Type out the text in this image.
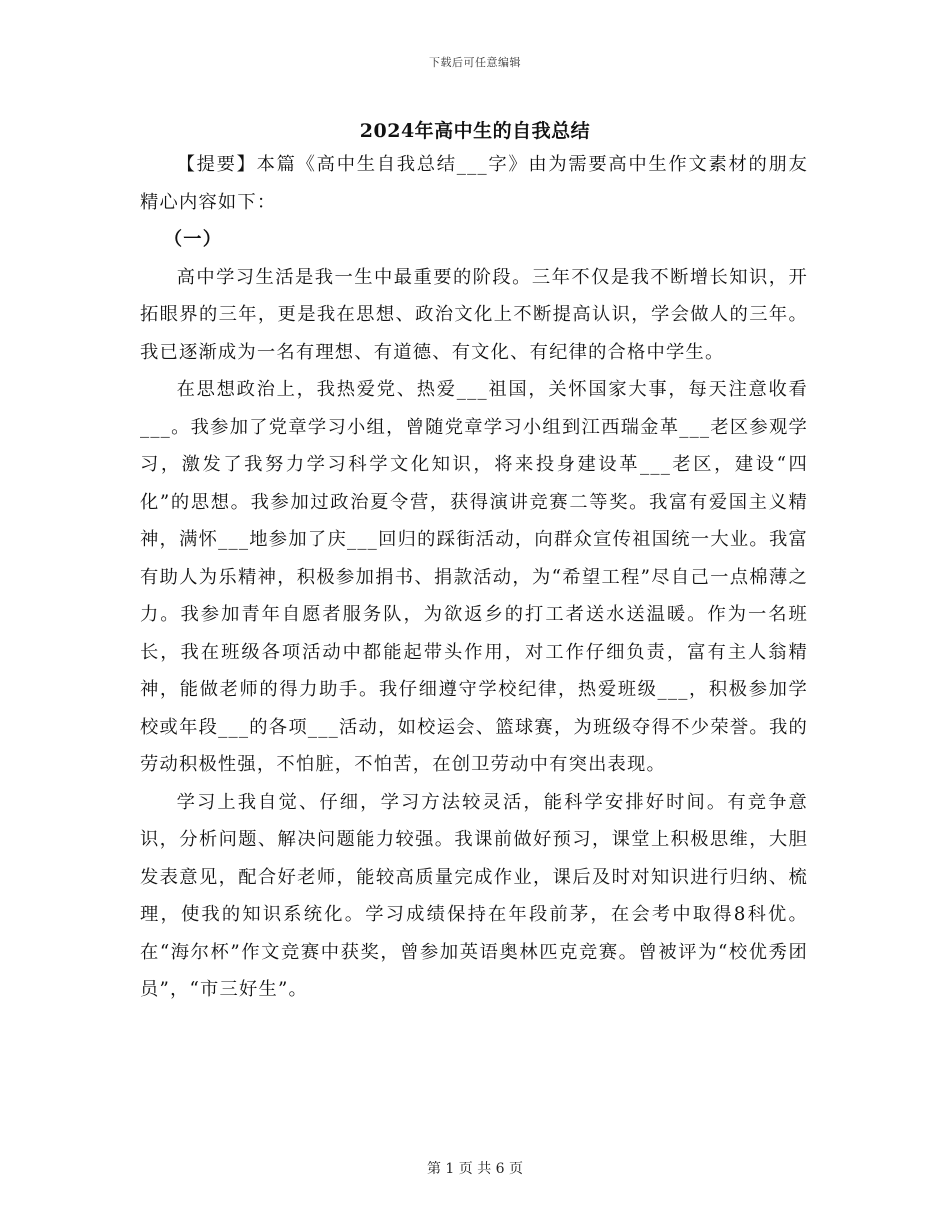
下载后可任意编辑
2024年高中生的自我总结

【提要】本篇《高中生自我总结___字》由为需要高中生作文素材的朋友精心内容如下：

（一）

高中学习生活是我一生中最重要的阶段。三年不仅是我不断增长知识，开拓眼界的三年，更是我在思想、政治文化上不断提高认识，学会做人的三年。我已逐渐成为一名有理想、有道德、有文化、有纪律的合格中学生。

在思想政治上，我热爱党、热爱___祖国，关怀国家大事，每天注意收看___。我参加了党章学习小组，曾随党章学习小组到江西瑞金革___老区参观学习，激发了我努力学习科学文化知识，将来投身建设革___老区，建设“四化”的思想。我参加过政治夏令营，获得演讲竞赛二等奖。我富有爱国主义精神，满怀___地参加了庆___回归的踩街活动，向群众宣传祖国统一大业。我富有助人为乐精神，积极参加捐书、捐款活动，为“希望工程”尽自己一点棉薄之力。我参加青年自愿者服务队，为欲返乡的打工者送水送温暖。作为一名班长，我在班级各项活动中都能起带头作用，对工作仔细负责，富有主人翁精神，能做老师的得力助手。我仔细遵守学校纪律，热爱班级___，积极参加学校或年段___的各项___活动，如校运会、篮球赛，为班级夺得不少荣誉。我的劳动积极性强，不怕脏，不怕苦，在创卫劳动中有突出表现。

学习上我自觉、仔细，学习方法较灵活，能科学安排好时间。有竞争意识，分析问题、解决问题能力较强。我课前做好预习，课堂上积极思维，大胆发表意见，配合好老师，能较高质量完成作业，课后及时对知识进行归纳、梳理，使我的知识系统化。学习成绩保持在年段前茅，在会考中取得8科优。在“海尔杯”作文竞赛中获奖，曾参加英语奥林匹克竞赛。曾被评为“校优秀团员”，“市三好生”。

第 1 页 共 6 页
